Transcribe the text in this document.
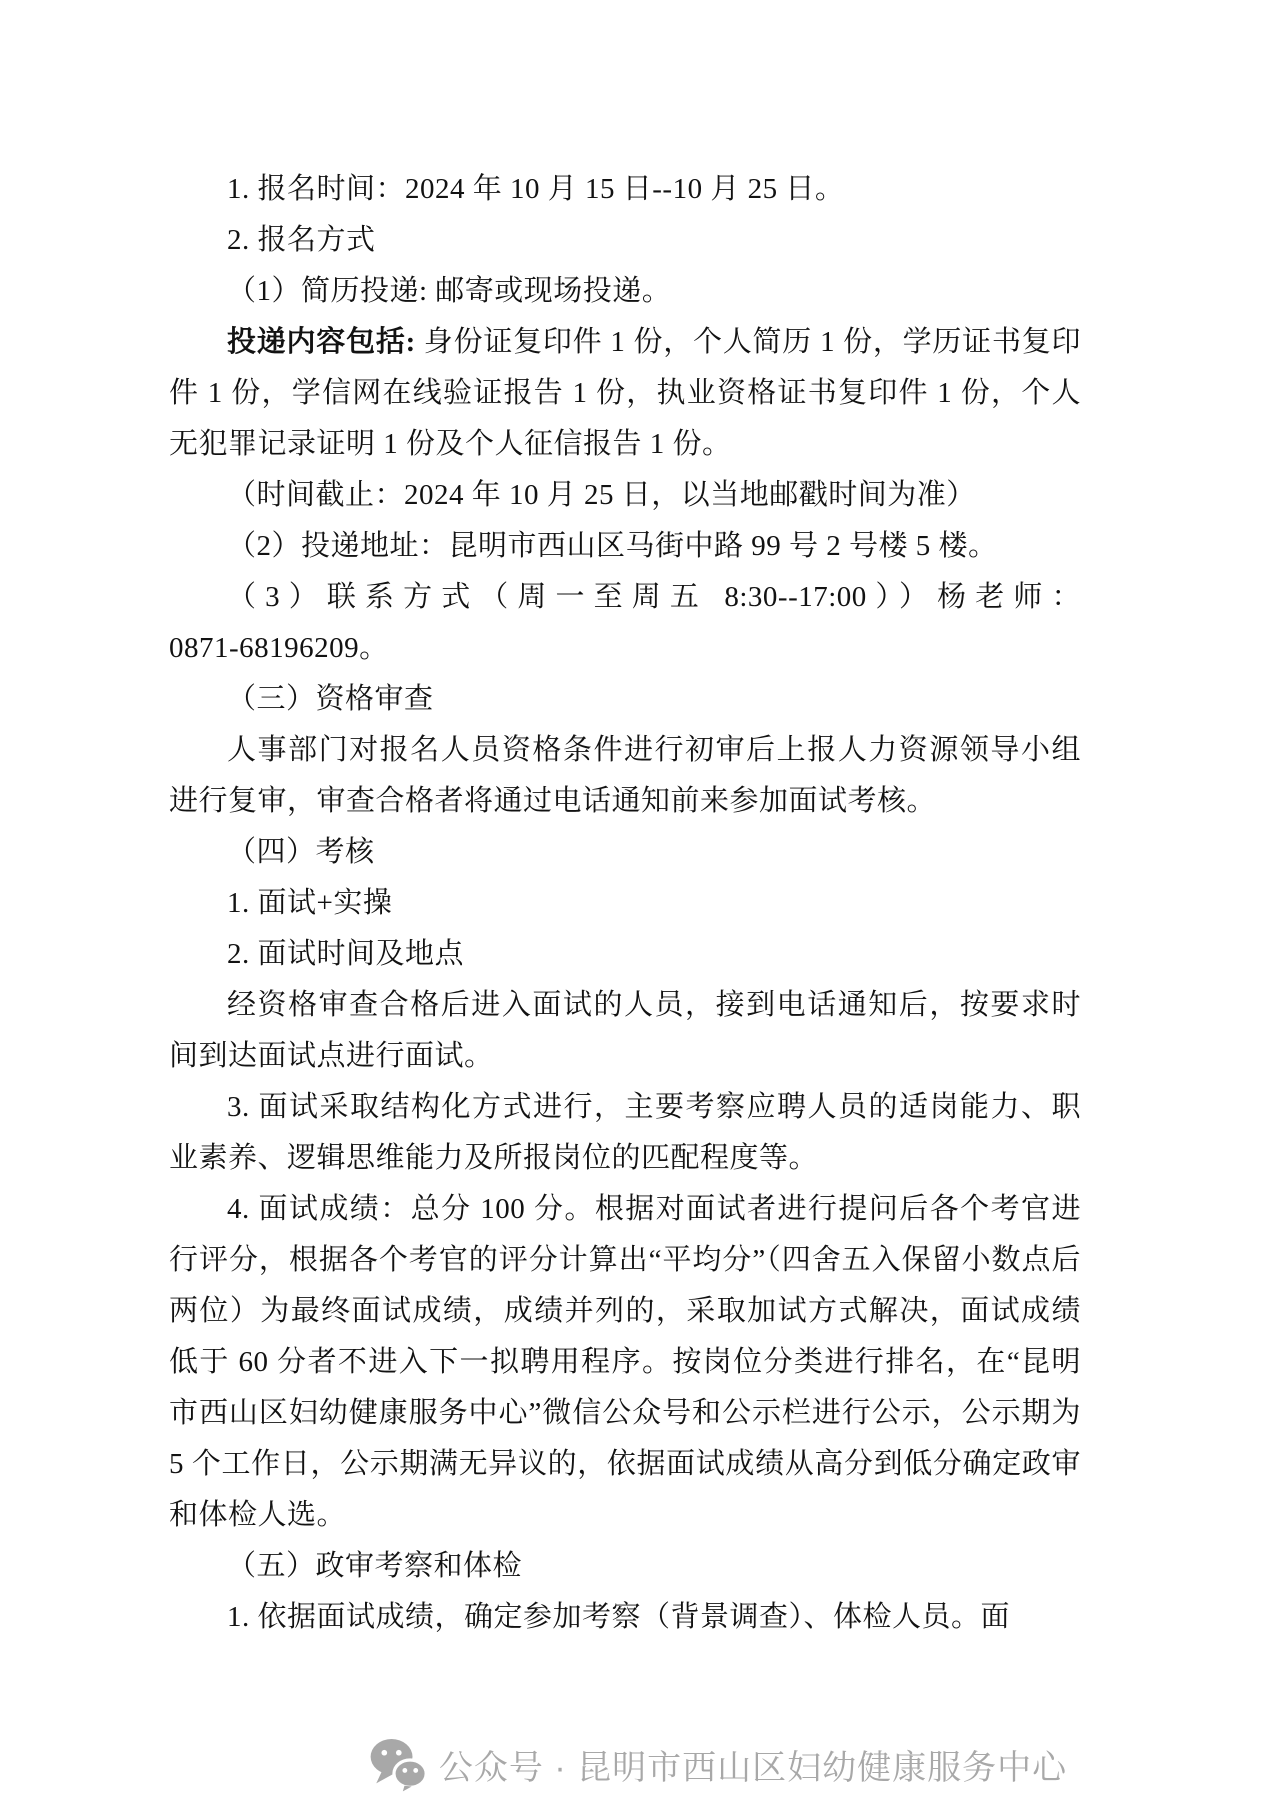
1. 报名时间：2024 年 10 月 15 日--10 月 25 日。

2. 报名方式

（1）简历投递: 邮寄或现场投递。

投递内容包括: 身份证复印件 1 份，个人简历 1 份，学历证书复印件 1 份，学信网在线验证报告 1 份，执业资格证书复印件 1 份，个人无犯罪记录证明 1 份及个人征信报告 1 份。

（时间截止：2024 年 10 月 25 日，以当地邮戳时间为准）

（2）投递地址：昆明市西山区马街中路 99 号 2 号楼 5 楼。

（3）联系方式（周一至周五 8:30--17:00））杨老师：

0871-68196209。

（三）资格审查

人事部门对报名人员资格条件进行初审后上报人力资源领导小组进行复审，审查合格者将通过电话通知前来参加面试考核。

（四）考核

1. 面试+实操

2. 面试时间及地点

经资格审查合格后进入面试的人员，接到电话通知后，按要求时间到达面试点进行面试。

3. 面试采取结构化方式进行，主要考察应聘人员的适岗能力、职业素养、逻辑思维能力及所报岗位的匹配程度等。

4. 面试成绩：总分 100 分。根据对面试者进行提问后各个考官进行评分，根据各个考官的评分计算出“平均分”（四舍五入保留小数点后两位）为最终面试成绩，成绩并列的，采取加试方式解决，面试成绩低于 60 分者不进入下一拟聘用程序。按岗位分类进行排名，在“昆明市西山区妇幼健康服务中心”微信公众号和公示栏进行公示，公示期为 5 个工作日，公示期满无异议的，依据面试成绩从高分到低分确定政审和体检人选。

（五）政审考察和体检

1. 依据面试成绩，确定参加考察（背景调查）、体检人员。面

公众号 · 昆明市西山区妇幼健康服务中心
